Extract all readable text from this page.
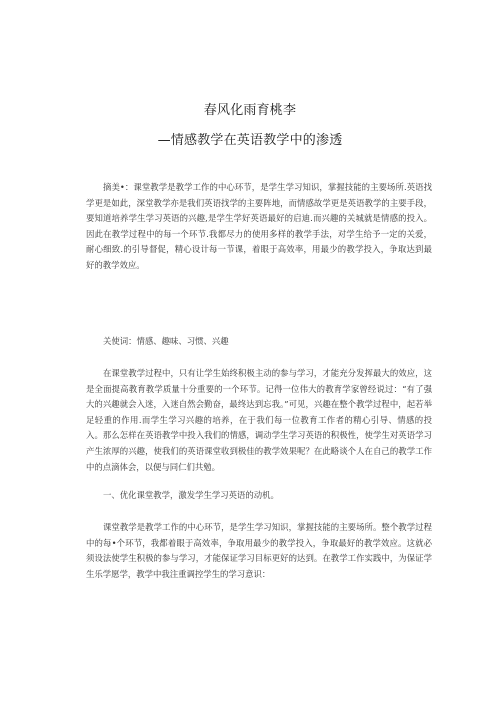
春风化雨育桃李
—情感教学在英语教学中的渗透

摘美•：课堂教学是教学工作的中心环节，是学生学习知识，掌握技能的主要场所.英语找学更是如此，深堂教学亦是我们英语找学的主要阵地，而情感故学更是英语教学的主要手段，要知道培养学生学习英语的兴趣,是学生学好英语最好的启迪.而兴趣的关城就是情感的投入。因此在教学过程中的每一个环节.我都尽力的使用多样的教学手法，对学生给予一定的关爱，耐心细致.的引导督促，精心设计每一节课，着眼于高效率，用最少的教学投入，争取达到最好的教学效应。

关使词：情感、趣味、习惯、兴趣

在课堂教学过程中，只有让学生始终积极主动的参与学习，才能充分发挥最大的效应，这是全面提高教育教学质量十分重要的一个环节。记得一位伟大的教育学家曾经说过：“有了强大的兴趣就会入迷，入迷自然会勤奋，最终达到忘我。”可见，兴趣在整个教学过程中，起若举足轻重的作用.而学生学习兴趣的培养，在于我们每一位教育工作者的精心引导、情感的投入。那么怎样在英语教学中投入我们的情感，调动学生学习英语的积极性，使学生对英语学习产生浓厚的兴趣，使我们的英语课堂收到极佳的教学效果呢？在此略谈个人在自己的教学工作中的点滴体会，以便与同仁们共勉。

一、优化课堂教学，激发学生学习英语的动机。

课堂教学是教学工作的中心环节，是学生学习知识，掌握技能的主要场所。整个教学过程中的每•个环节，我都着眼于高效率，争取用最少的教学投入，争取最好的教学效应。这就必须设法使学生积极的参与学习，才能保证学习目标更好的达到。在教学工作实践中，为保证学生乐学愿学，教学中我注重调控学生的学习意识：
